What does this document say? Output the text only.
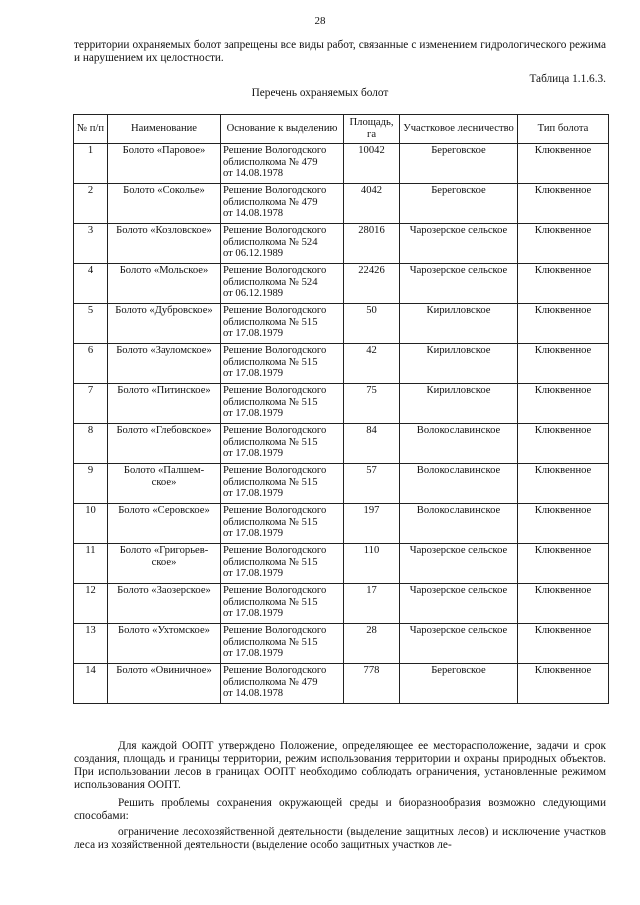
28
территории охраняемых болот запрещены все виды работ, связанные с изменением гидрологического режима и нарушением их целостности.
Таблица 1.1.6.3.
Перечень охраняемых болот
№ п/п	Наименование	Основание к выделению	Площадь, га	Участковое лесничество	Тип болота
1	Болото «Паровое»	Решение Вологодского
облисполкома № 479
от 14.08.1978	10042	Береговское	Клюквенное
2	Болото «Соколье»	Решение Вологодского
облисполкома № 479
от 14.08.1978	4042	Береговское	Клюквенное
3	Болото «Козловское»	Решение Вологодского
облисполкома № 524
от 06.12.1989	28016	Чарозерское сельское	Клюквенное
4	Болото «Мольское»	Решение Вологодского
облисполкома № 524
от 06.12.1989	22426	Чарозерское сельское	Клюквенное
5	Болото «Дубровское»	Решение Вологодского
облисполкома № 515
от 17.08.1979	50	Кирилловское	Клюквенное
6	Болото «Зауломское»	Решение Вологодского
облисполкома № 515
от 17.08.1979	42	Кирилловское	Клюквенное
7	Болото «Питинское»	Решение Вологодского
облисполкома № 515
от 17.08.1979	75	Кирилловское	Клюквенное
8	Болото «Глебовское»	Решение Вологодского
облисполкома № 515
от 17.08.1979	84	Волокославинское	Клюквенное
9	Болото «Палшем-
ское»	Решение Вологодского
облисполкома № 515
от 17.08.1979	57	Волокославинское	Клюквенное
10	Болото «Серовское»	Решение Вологодского
облисполкома № 515
от 17.08.1979	197	Волокославинское	Клюквенное
11	Болото «Григорьев-
ское»	Решение Вологодского
облисполкома № 515
от 17.08.1979	110	Чарозерское сельское	Клюквенное
12	Болото «Заозерское»	Решение Вологодского
облисполкома № 515
от 17.08.1979	17	Чарозерское сельское	Клюквенное
13	Болото «Ухтомское»	Решение Вологодского
облисполкома № 515
от 17.08.1979	28	Чарозерское сельское	Клюквенное
14	Болото «Овиничное»	Решение Вологодского
облисполкома № 479
от 14.08.1978	778	Береговское	Клюквенное
Для каждой ООПТ утверждено Положение, определяющее ее месторасположение, задачи и срок создания, площадь и границы территории, режим использования территории и охраны природных объектов. При использовании лесов в границах ООПТ необходимо соблюдать ограничения, установленные режимом использования ООПТ.
Решить проблемы сохранения окружающей среды и биоразнообразия возможно следующими способами:
ограничение лесохозяйственной деятельности (выделение защитных лесов) и исключение участков леса из хозяйственной деятельности (выделение особо защитных участков ле-
